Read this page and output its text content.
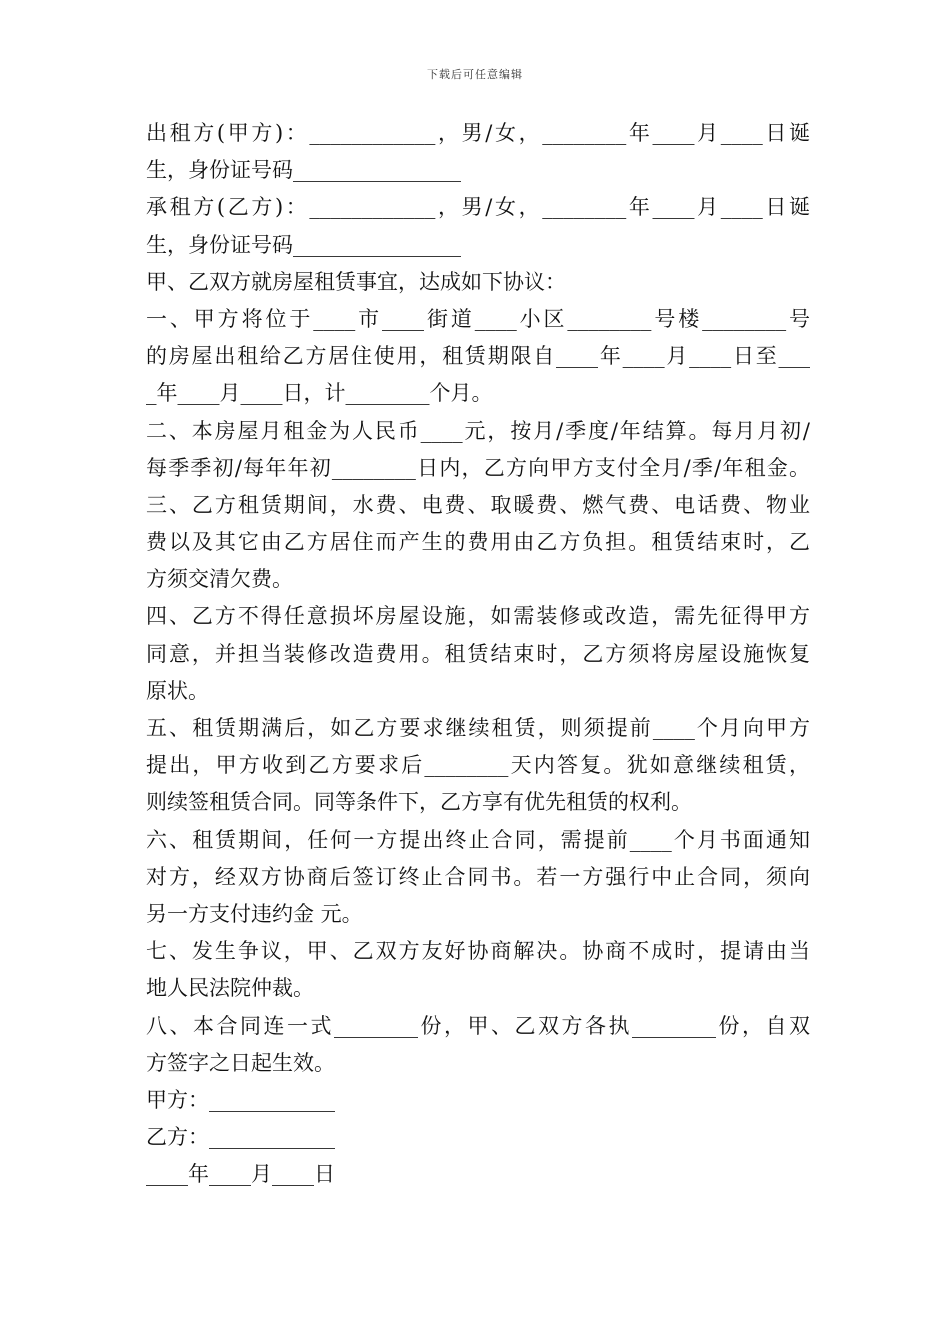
下载后可任意编辑
出租方(甲方)：____________，男/女，________年____月____日诞
生，身份证号码________________
承租方(乙方)：____________，男/女，________年____月____日诞
生，身份证号码________________
甲、乙双方就房屋租赁事宜，达成如下协议：
一、甲方将位于____市____街道____小区________号楼________号
的房屋出租给乙方居住使用，租赁期限自____年____月____日至___
_年____月____日，计________个月。
二、本房屋月租金为人民币____元，按月/季度/年结算。每月月初/
每季季初/每年年初________日内，乙方向甲方支付全月/季/年租金。
三、乙方租赁期间，水费、电费、取暖费、燃气费、电话费、物业
费以及其它由乙方居住而产生的费用由乙方负担。租赁结束时，乙
方须交清欠费。
四、乙方不得任意损坏房屋设施，如需装修或改造，需先征得甲方
同意，并担当装修改造费用。租赁结束时，乙方须将房屋设施恢复
原状。
五、租赁期满后，如乙方要求继续租赁，则须提前____个月向甲方
提出，甲方收到乙方要求后________天内答复。犹如意继续租赁，
则续签租赁合同。同等条件下，乙方享有优先租赁的权利。
六、租赁期间，任何一方提出终止合同，需提前____个月书面通知
对方，经双方协商后签订终止合同书。若一方强行中止合同，须向
另一方支付违约金 元。
七、发生争议，甲、乙双方友好协商解决。协商不成时，提请由当
地人民法院仲裁。
八、本合同连一式________份，甲、乙双方各执________份，自双
方签字之日起生效。
甲方：____________
乙方：____________
____年____月____日
